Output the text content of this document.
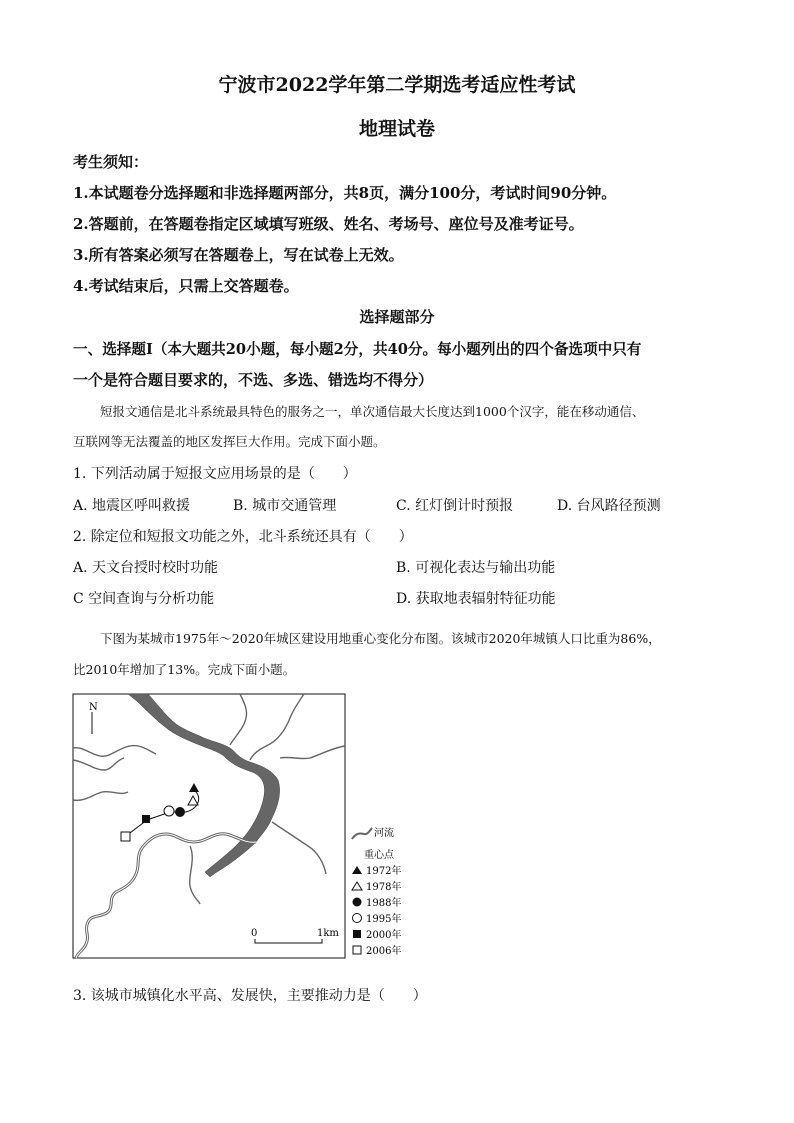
宁波市2022学年第二学期选考适应性考试
地理试卷
考生须知：
1.本试题卷分选择题和非选择题两部分，共8页，满分100分，考试时间90分钟。
2.答题前，在答题卷指定区域填写班级、姓名、考场号、座位号及准考证号。
3.所有答案必须写在答题卷上，写在试卷上无效。
4.考试结束后，只需上交答题卷。
选择题部分
一、选择题Ⅰ（本大题共20小题，每小题2分，共40分。每小题列出的四个备选项中只有
一个是符合题目要求的，不选、多选、错选均不得分）
短报文通信是北斗系统最具特色的服务之一，单次通信最大长度达到1000个汉字，能在移动通信、
互联网等无法覆盖的地区发挥巨大作用。完成下面小题。
1. 下列活动属于短报文应用场景的是（　　）
A. 地震区呼叫救援	B. 城市交通管理	C. 红灯倒计时预报	D. 台风路径预测
2. 除定位和短报文功能之外，北斗系统还具有（　　）
A. 天文台授时校时功能	B. 可视化表达与输出功能
C 空间查询与分析功能	D. 获取地表辐射特征功能
下图为某城市1975年～2020年城区建设用地重心变化分布图。该城市2020年城镇人口比重为86%，
比2010年增加了13%。完成下面小题。
N
0	1km
河流
重心点
1972年
1978年
1988年
1995年
2000年
2006年
3. 该城市城镇化水平高、发展快，主要推动力是（　　）
